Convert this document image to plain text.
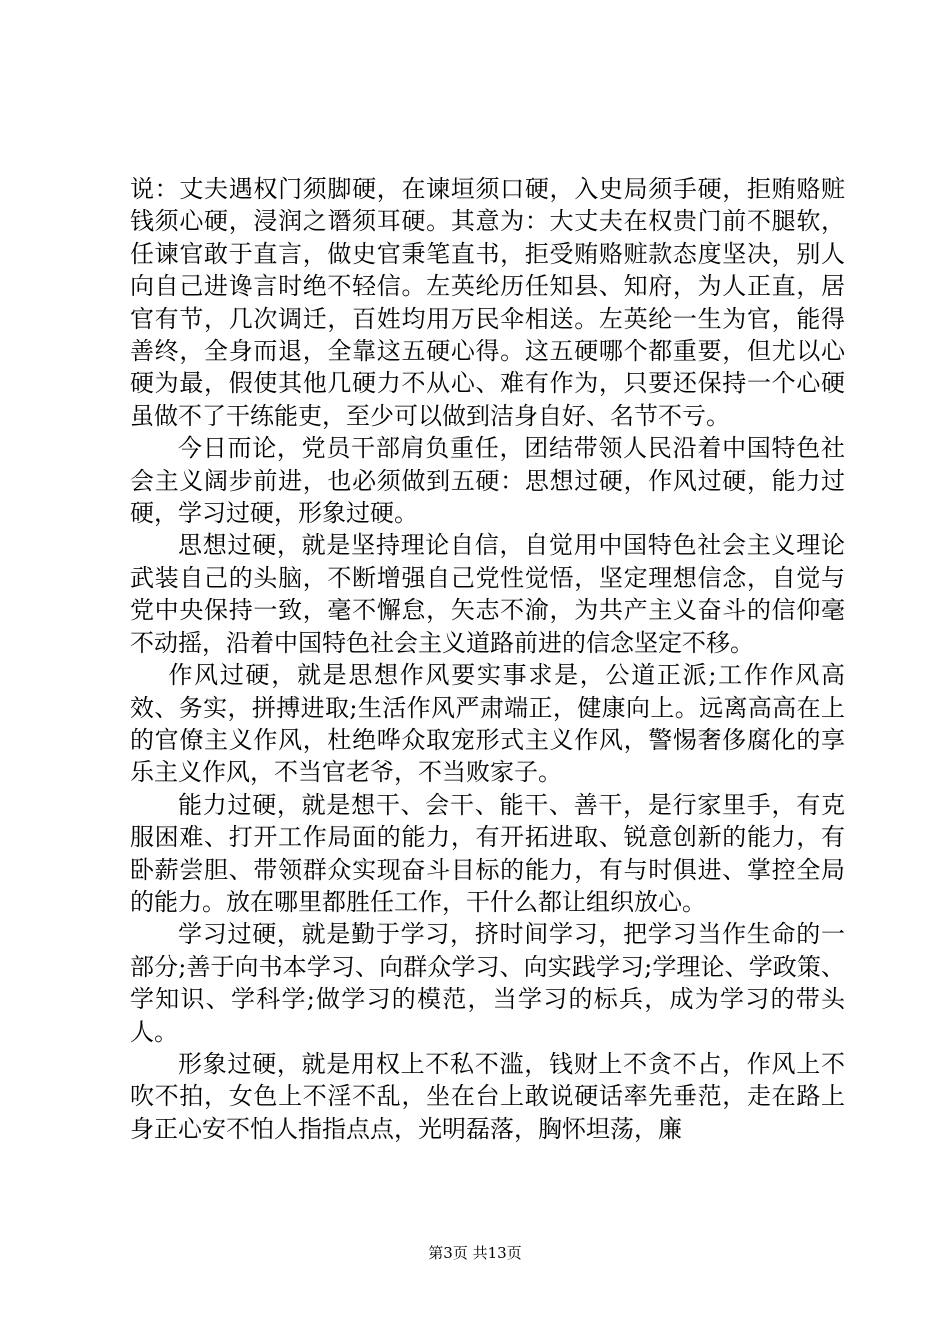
说：丈夫遇权门须脚硬，在谏垣须口硬，入史局须手硬，拒贿赂赃钱须心硬，浸润之谮须耳硬。其意为：大丈夫在权贵门前不腿软，任谏官敢于直言，做史官秉笔直书，拒受贿赂赃款态度坚决，别人向自己进谗言时绝不轻信。左英纶历任知县、知府，为人正直，居官有节，几次调迁，百姓均用万民伞相送。左英纶一生为官，能得善终，全身而退，全靠这五硬心得。这五硬哪个都重要，但尤以心硬为最，假使其他几硬力不从心、难有作为，只要还保持一个心硬虽做不了干练能吏，至少可以做到洁身自好、名节不亏。

今日而论，党员干部肩负重任，团结带领人民沿着中国特色社会主义阔步前进，也必须做到五硬：思想过硬，作风过硬，能力过硬，学习过硬，形象过硬。

思想过硬，就是坚持理论自信，自觉用中国特色社会主义理论武装自己的头脑，不断增强自己党性觉悟，坚定理想信念，自觉与党中央保持一致，毫不懈怠，矢志不渝，为共产主义奋斗的信仰毫不动摇，沿着中国特色社会主义道路前进的信念坚定不移。

作风过硬，就是思想作风要实事求是，公道正派;工作作风高效、务实，拼搏进取;生活作风严肃端正，健康向上。远离高高在上的官僚主义作风，杜绝哗众取宠形式主义作风，警惕奢侈腐化的享乐主义作风，不当官老爷，不当败家子。

能力过硬，就是想干、会干、能干、善干，是行家里手，有克服困难、打开工作局面的能力，有开拓进取、锐意创新的能力，有卧薪尝胆、带领群众实现奋斗目标的能力，有与时俱进、掌控全局的能力。放在哪里都胜任工作，干什么都让组织放心。

学习过硬，就是勤于学习，挤时间学习，把学习当作生命的一部分;善于向书本学习、向群众学习、向实践学习;学理论、学政策、学知识、学科学;做学习的模范，当学习的标兵，成为学习的带头人。

形象过硬，就是用权上不私不滥，钱财上不贪不占，作风上不吹不拍，女色上不淫不乱，坐在台上敢说硬话率先垂范，走在路上身正心安不怕人指指点点，光明磊落，胸怀坦荡，廉

第3页 共13页
